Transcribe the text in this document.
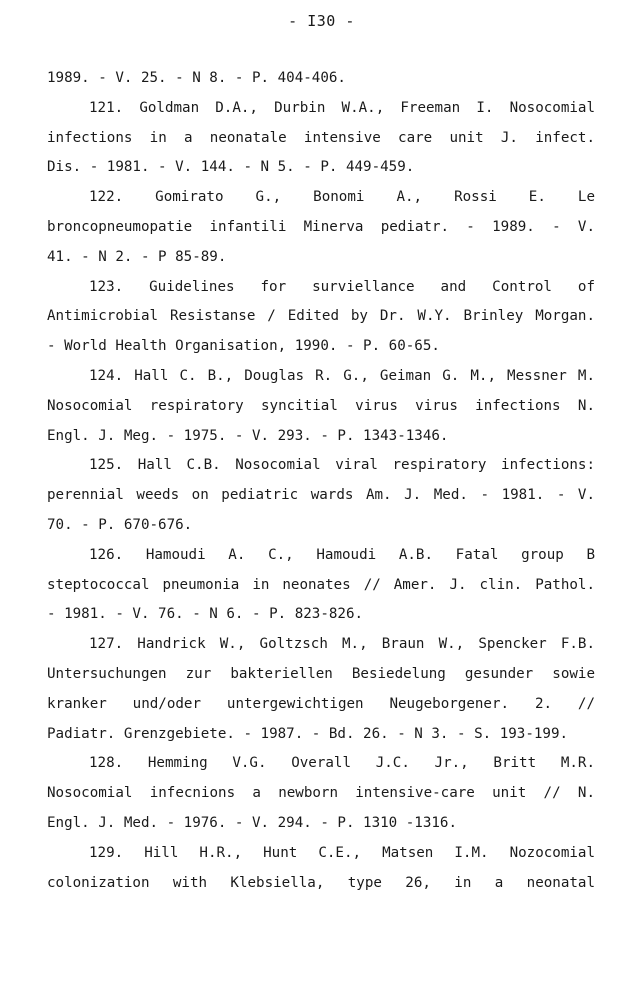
- I30 -
1989. - V. 25. - N 8. - P. 404-406.
121. Goldman D.A., Durbin W.A., Freeman I. Nosocomial
infections in a neonatale intensive care unit J. infect.
Dis. - 1981. - V. 144. - N 5. - P. 449-459.
122. Gomirato G., Bonomi A., Rossi E. Le
broncopneumopatie infantili Minerva pediatr. - 1989. - V.
41. - N 2. - P 85-89.
123. Guidelines for surviellance and Control of
Antimicrobial Resistanse / Edited by Dr. W.Y. Brinley Morgan.
- World Health Organisation, 1990. - P. 60-65.
124. Hall C. B., Douglas R. G., Geiman G. M., Messner M.
Nosocomial respiratory syncitial virus virus infections N.
Engl. J. Meg. - 1975. - V. 293. - P. 1343-1346.
125. Hall C.B. Nosocomial viral respiratory infections:
perennial weeds on pediatric wards Am. J. Med. - 1981. - V.
70. - P. 670-676.
126. Hamoudi A. C., Hamoudi A.B. Fatal group B
steptococcal pneumonia in neonates // Amer. J. clin. Pathol.
- 1981. - V. 76. - N 6. - P. 823-826.
127. Handrick W., Goltzsch M., Braun W., Spencker F.B.
Untersuchungen zur bakteriellen Besiedelung gesunder sowie
kranker und/oder untergewichtigen Neugeborgener. 2. //
Padiatr. Grenzgebiete. - 1987. - Bd. 26. - N 3. - S. 193-199.
128. Hemming V.G. Overall J.C. Jr., Britt M.R.
Nosocomial infecnions a newborn intensive-care unit // N.
Engl. J. Med. - 1976. - V. 294. - P. 1310 -1316.
129. Hill H.R., Hunt C.E., Matsen I.M. Nozocomial
colonization with Klebsiella, type 26, in a neonatal
